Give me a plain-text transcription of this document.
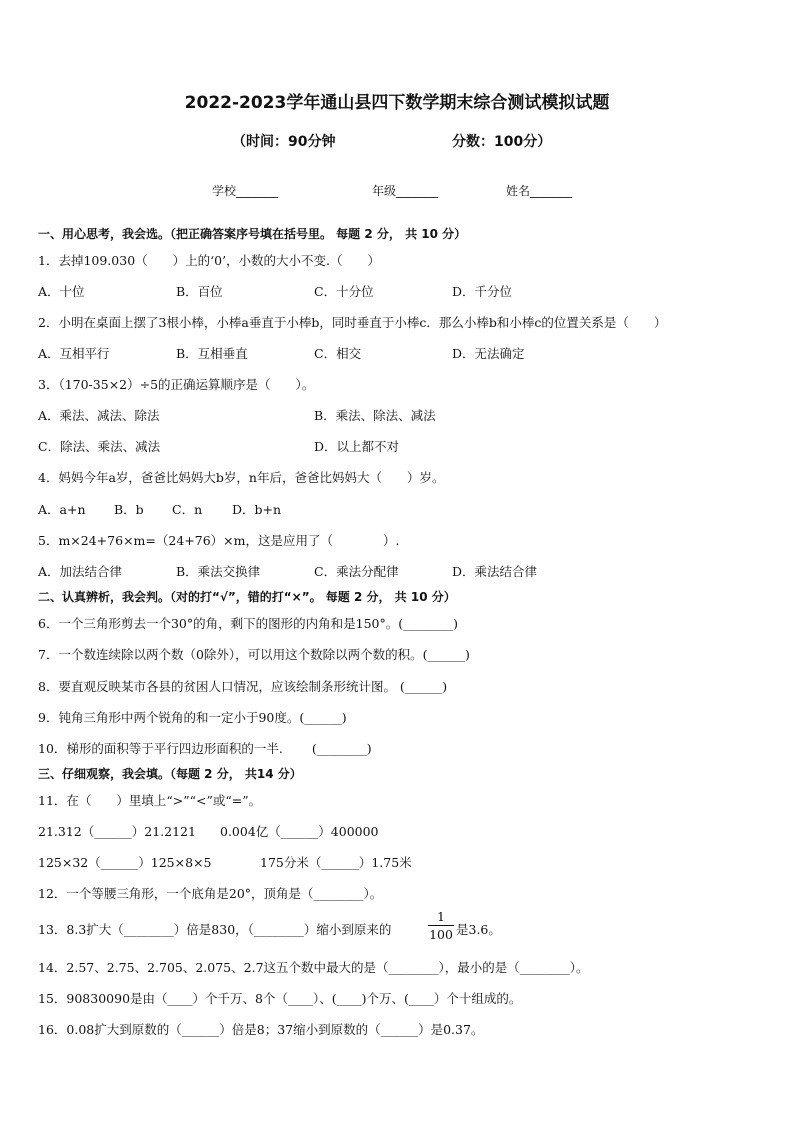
2022-2023学年通山县四下数学期末综合测试模拟试题
（时间：90分钟	分数：100分）
学校_______	年级_______	姓名_______
一、用心思考，我会选。（把正确答案序号填在括号里。 每题 2 分， 共 10 分）
1．去掉109.030（　　）上的‘0’，小数的大小不变.（　　）
A．十位	B．百位	C．十分位	D．千分位
2．小明在桌面上摆了3根小棒，小棒a垂直于小棒b，同时垂直于小棒c．那么小棒b和小棒c的位置关系是（　　）
A．互相平行	B．互相垂直	C．相交	D．无法确定
3．（170-35×2）÷5的正确运算顺序是（　　）。
A．乘法、减法、除法	B．乘法、除法、减法
C．除法、乘法、减法	D．以上都不对
4．妈妈今年a岁，爸爸比妈妈大b岁，n年后，爸爸比妈妈大（　　）岁。
A．a+n B．b C．n D．b+n
5．m×24+76×m=（24+76）×m，这是应用了（　　　　）.
A．加法结合律	B．乘法交换律	C．乘法分配律	D．乘法结合律
二、认真辨析，我会判。（对的打“√”，错的打“×”。 每题 2 分， 共 10 分）
6．一个三角形剪去一个30°的角，剩下的图形的内角和是150°。(________)
7．一个数连续除以两个数（0除外），可以用这个数除以两个数的积。(______)
8．要直观反映某市各县的贫困人口情况，应该绘制条形统计图。 (______)
9．钝角三角形中两个锐角的和一定小于90度。(______)
10．梯形的面积等于平行四边形面积的一半.　　 (________)
三、仔细观察，我会填。（每题 2 分， 共14 分）
11．在（　　）里填上“>”“<”或“=”。
21.312（______）21.2121 0.004亿（______）400000
125×32（______）125×8×5	175分米（______）1.75米
12．一个等腰三角形，一个底角是20°，顶角是（________）。
13．8.3扩大（________）倍是830，（________）缩小到原来的
1
100 是3.6。
14．2.57、2.75、2.705、2.075、2.7这五个数中最大的是（________），最小的是（________）。
15．90830090是由（____）个千万、8个（____）、(____)个万、(____）个十组成的。
16．0.08扩大到原数的（______）倍是8；37缩小到原数的（______）是0.37。
